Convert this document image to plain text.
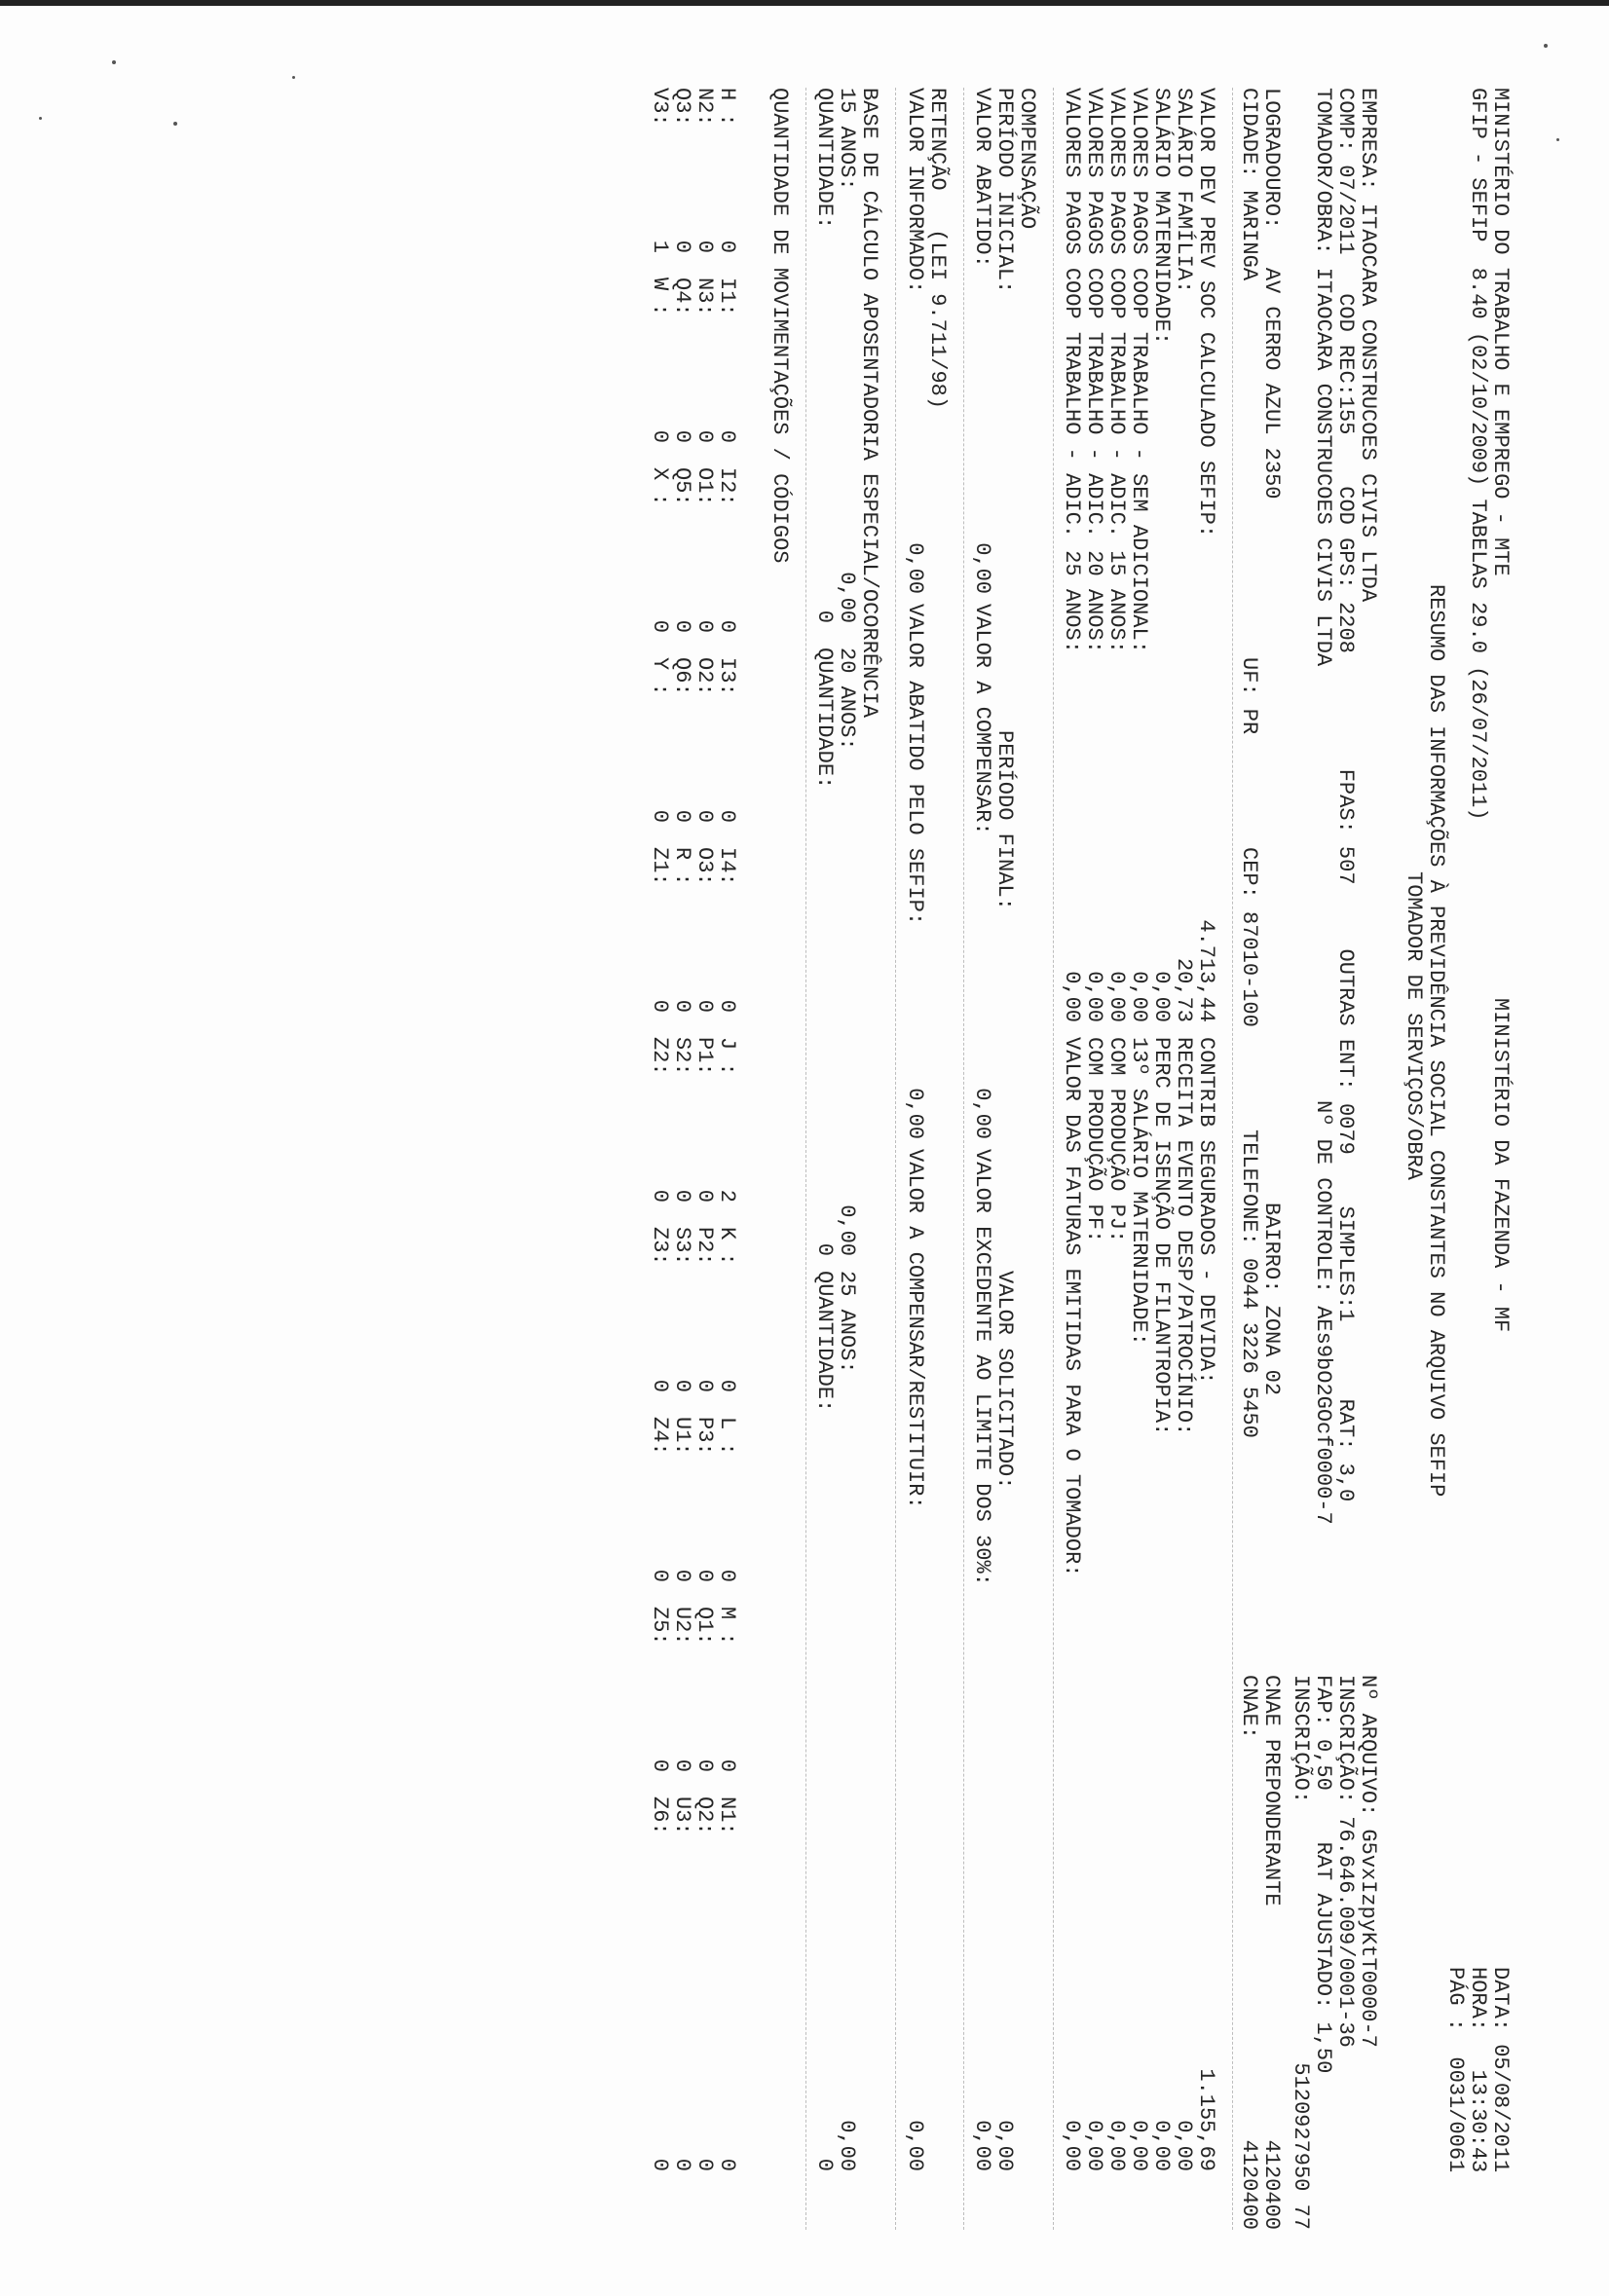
MINISTÉRIO DO TRABALHO E EMPREGO - MTE
MINISTÉRIO DA FAZENDA - MF
DATA: 05/08/2011
GFIP - SEFIP  8.40 (02/10/2009) TABELAS 29.0 (26/07/2011)
HORA:   13:30:43
PÁG :  0031/0061
RESUMO DAS INFORMAÇÕES À PREVIDÊNCIA SOCIAL CONSTANTES NO ARQUIVO SEFIP
TOMADOR DE SERVIÇOS/OBRA
EMPRESA: ITAOCARA CONSTRUCOES CIVIS LTDA
Nº ARQUIVO: G5vxIzpyKtT0000-7
COMP: 07/2011   COD REC:155    COD GPS: 2208         FPAS: 507     OUTRAS ENT: 0079    SIMPLES:1      RAT: 3,0
INSCRIÇÃO: 76.646.009/0001-36
FAP: 0,50    RAT AJUSTADO: 1,50
TOMADOR/OBRA: ITAOCARA CONSTRUCOES CIVIS LTDA
Nº DE CONTROLE: AEs9bO2GOcf0000-7
INSCRIÇÃO:
5120927950 77
LOGRADOURO:   AV CERRO AZUL 2350
BAIRRO: ZONA 02
CNAE PREPONDERANTE
4120400
CIDADE: MARINGA
UF: PR
CEP: 87010-100
TELEFONE: 0044 3226 5450
CNAE:
4120400
VALOR DEV PREV SOC CALCULADO SEFIP:
SALÁRIO FAMÍLIA:
SALÁRIO MATERNIDADE:
VALORES PAGOS COOP TRABALHO - SEM ADICIONAL:
VALORES PAGOS COOP TRABALHO - ADIC. 15 ANOS:
VALORES PAGOS COOP TRABALHO - ADIC. 20 ANOS:
VALORES PAGOS COOP TRABALHO - ADIC. 25 ANOS:
4.713,44
20,73
0,00
0,00
0,00
0,00
0,00
CONTRIB SEGURADOS - DEVIDA:
RECEITA EVENTO DESP/PATROCÍNIO:
PERC DE ISENÇÃO DE FILANTROPIA:
13º SALÁRIO MATERNIDADE:
COM PRODUÇÃO PJ:
COM PRODUÇÃO PF:
VALOR DAS FATURAS EMITIDAS PARA O TOMADOR:
1.155,69
0,00
0,00
0,00
0,00
0,00
0,00
COMPENSAÇÃO
PERÍODO INICIAL:
PERÍODO FINAL:
VALOR SOLICITADO:
0,00
VALOR ABATIDO:
0,00
VALOR A COMPENSAR:
0,00
VALOR EXCEDENTE AO LIMITE DOS 30%:
0,00
RETENÇÃO   (LEI 9.711/98)
VALOR INFORMADO:
0,00
VALOR ABATIDO PELO SEFIP:
0,00
VALOR A COMPENSAR/RESTITUIR:
0,00
BASE DE CÁLCULO APOSENTADORIA ESPECIAL/OCORRÊNCIA
15 ANOS:
0,00
20 ANOS:
0,00
25 ANOS:
0,00
QUANTIDADE:
0
QUANTIDADE:
0
QUANTIDADE:
0
QUANTIDADE DE MOVIMENTAÇÕES / CÓDIGOS
H :
0
I1:
0
I2:
0
I3:
0
I4:
0
J :
2
K :
0
L :
0
M :
0
N1:
0
N2:
0
N3:
0
O1:
0
O2:
0
O3:
0
P1:
0
P2:
0
P3:
0
Q1:
0
Q2:
0
Q3:
0
Q4:
0
Q5:
0
Q6:
0
R :
0
S2:
0
S3:
0
U1:
0
U2:
0
U3:
0
V3:
1
W :
0
X :
0
Y :
0
Z1:
0
Z2:
0
Z3:
0
Z4:
0
Z5:
0
Z6:
0
